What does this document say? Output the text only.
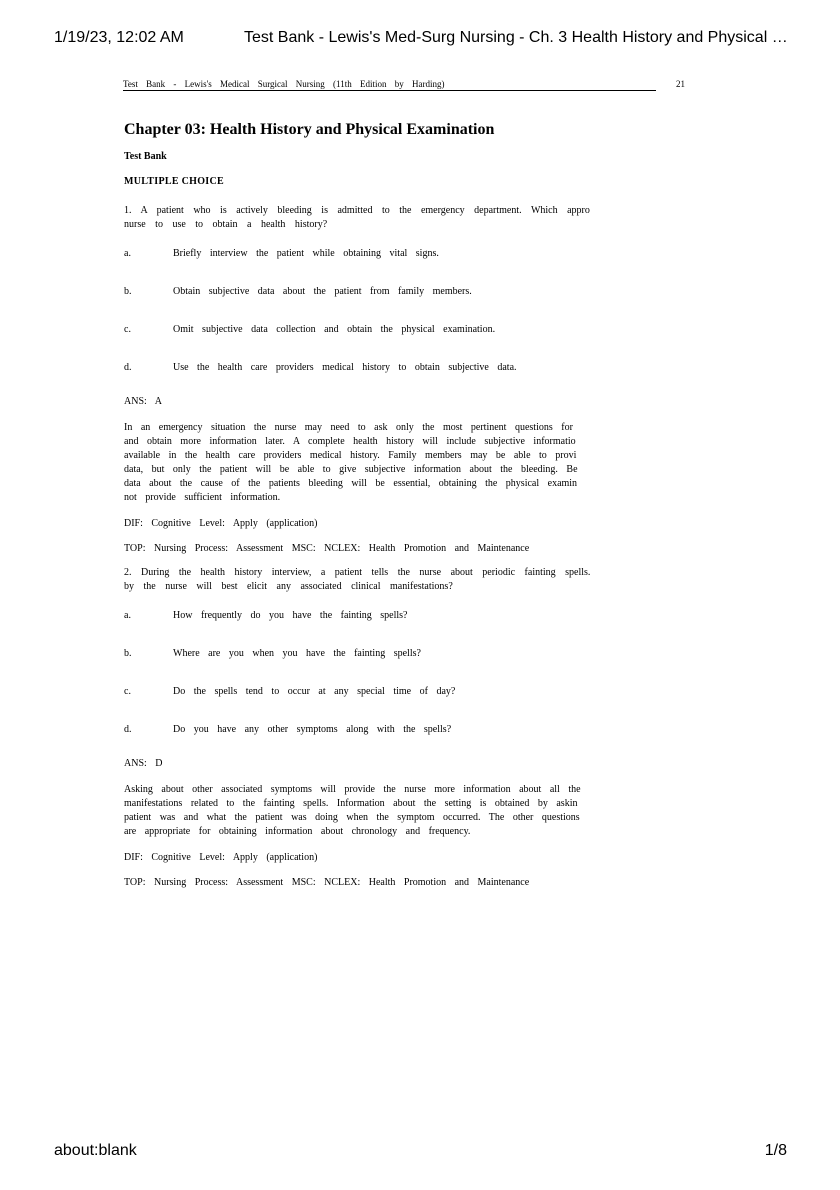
1/19/23, 12:02 AM	Test Bank - Lewis's Med-Surg Nursing - Ch. 3 Health History and Physical …
Test Bank - Lewis's Medical Surgical Nursing (11th Edition by Harding)	21
Chapter 03: Health History and Physical Examination
Test Bank
MULTIPLE CHOICE
1. A patient who is actively bleeding is admitted to the emergency department. Which appro
nurse to use to obtain a health history?
a.	Briefly interview the patient while obtaining vital signs.
b.	Obtain subjective data about the patient from family members.
c.	Omit subjective data collection and obtain the physical examination.
d.	Use the health care providers medical history to obtain subjective data.
ANS: A
In an emergency situation the nurse may need to ask only the most pertinent questions for
and obtain more information later. A complete health history will include subjective informatio
available in the health care providers medical history. Family members may be able to provi
data, but only the patient will be able to give subjective information about the bleeding. Be
data about the cause of the patients bleeding will be essential, obtaining the physical examin
not provide sufficient information.
DIF: Cognitive Level: Apply (application)
TOP: Nursing Process: Assessment MSC: NCLEX: Health Promotion and Maintenance
2. During the health history interview, a patient tells the nurse about periodic fainting spells.
by the nurse will best elicit any associated clinical manifestations?
a.	How frequently do you have the fainting spells?
b.	Where are you when you have the fainting spells?
c.	Do the spells tend to occur at any special time of day?
d.	Do you have any other symptoms along with the spells?
ANS: D
Asking about other associated symptoms will provide the nurse more information about all the
manifestations related to the fainting spells. Information about the setting is obtained by askin
patient was and what the patient was doing when the symptom occurred. The other questions
are appropriate for obtaining information about chronology and frequency.
DIF: Cognitive Level: Apply (application)
TOP: Nursing Process: Assessment MSC: NCLEX: Health Promotion and Maintenance
about:blank	1/8
